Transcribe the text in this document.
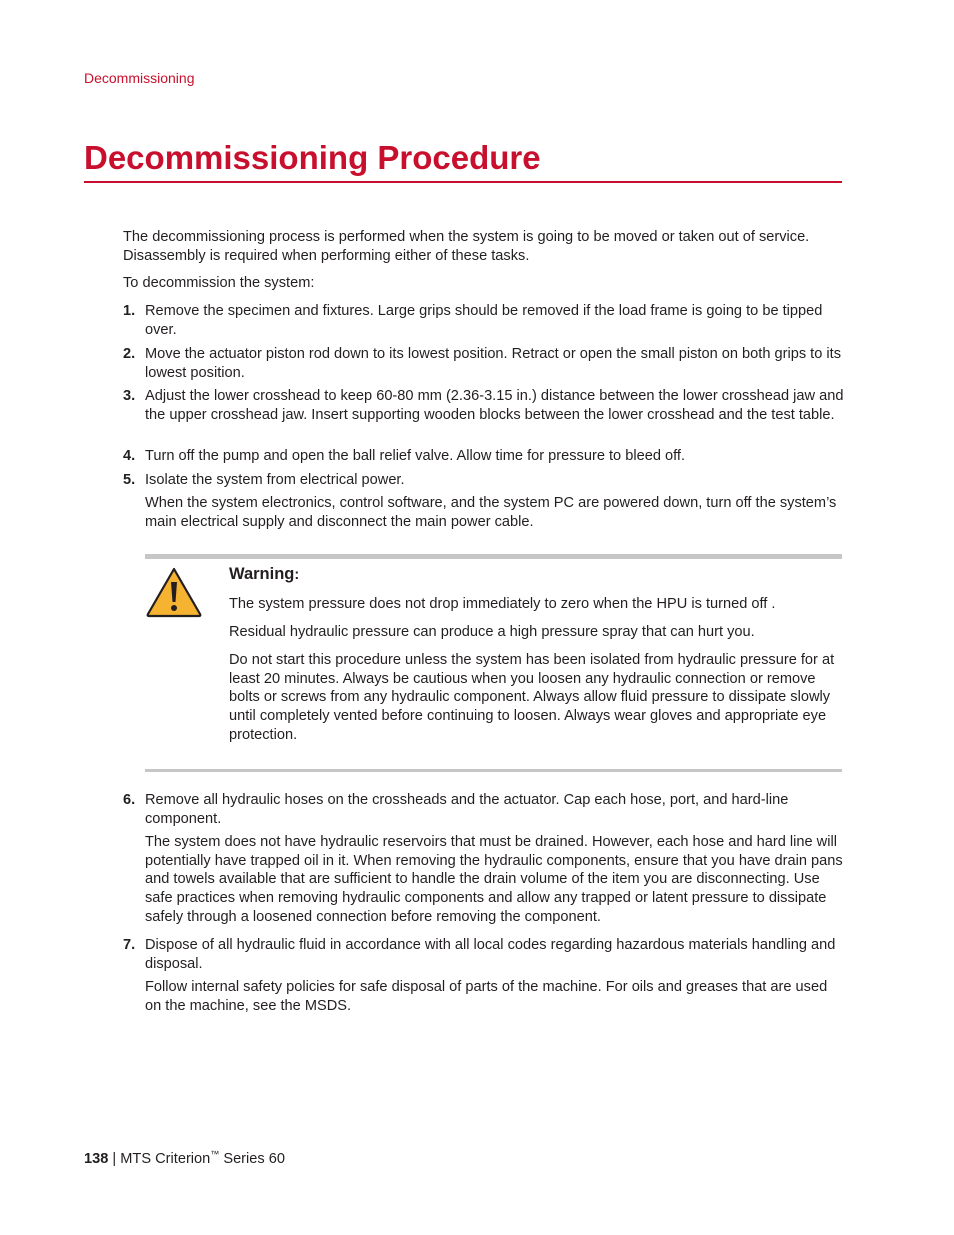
Decommissioning
Decommissioning Procedure

The decommissioning process is performed when the system is going to be moved or taken out of service. Disassembly is required when performing either of these tasks.

To decommission the system:

1. Remove the specimen and fixtures. Large grips should be removed if the load frame is going to be tipped over.
2. Move the actuator piston rod down to its lowest position. Retract or open the small piston on both grips to its lowest position.
3. Adjust the lower crosshead to keep 60-80 mm (2.36-3.15 in.) distance between the lower crosshead jaw and the upper crosshead jaw. Insert supporting wooden blocks between the lower crosshead and the test table.
4. Turn off the pump and open the ball relief valve. Allow time for pressure to bleed off.
5. Isolate the system from electrical power.

When the system electronics, control software, and the system PC are powered down, turn off the system’s main electrical supply and disconnect the main power cable.

Warning:

The system pressure does not drop immediately to zero when the HPU is turned off .

Residual hydraulic pressure can produce a high pressure spray that can hurt you.

Do not start this procedure unless the system has been isolated from hydraulic pressure for at least 20 minutes. Always be cautious when you loosen any hydraulic connection or remove bolts or screws from any hydraulic component. Always allow fluid pressure to dissipate slowly until completely vented before continuing to loosen. Always wear gloves and appropriate eye protection.

6. Remove all hydraulic hoses on the crossheads and the actuator. Cap each hose, port, and hard-line component.

The system does not have hydraulic reservoirs that must be drained. However, each hose and hard line will potentially have trapped oil in it. When removing the hydraulic components, ensure that you have drain pans and towels available that are sufficient to handle the drain volume of the item you are disconnecting. Use safe practices when removing hydraulic components and allow any trapped or latent pressure to dissipate safely through a loosened connection before removing the component.

7. Dispose of all hydraulic fluid in accordance with all local codes regarding hazardous materials handling and disposal.

Follow internal safety policies for safe disposal of parts of the machine. For oils and greases that are used on the machine, see the MSDS.

138 | MTS Criterion™ Series 60
